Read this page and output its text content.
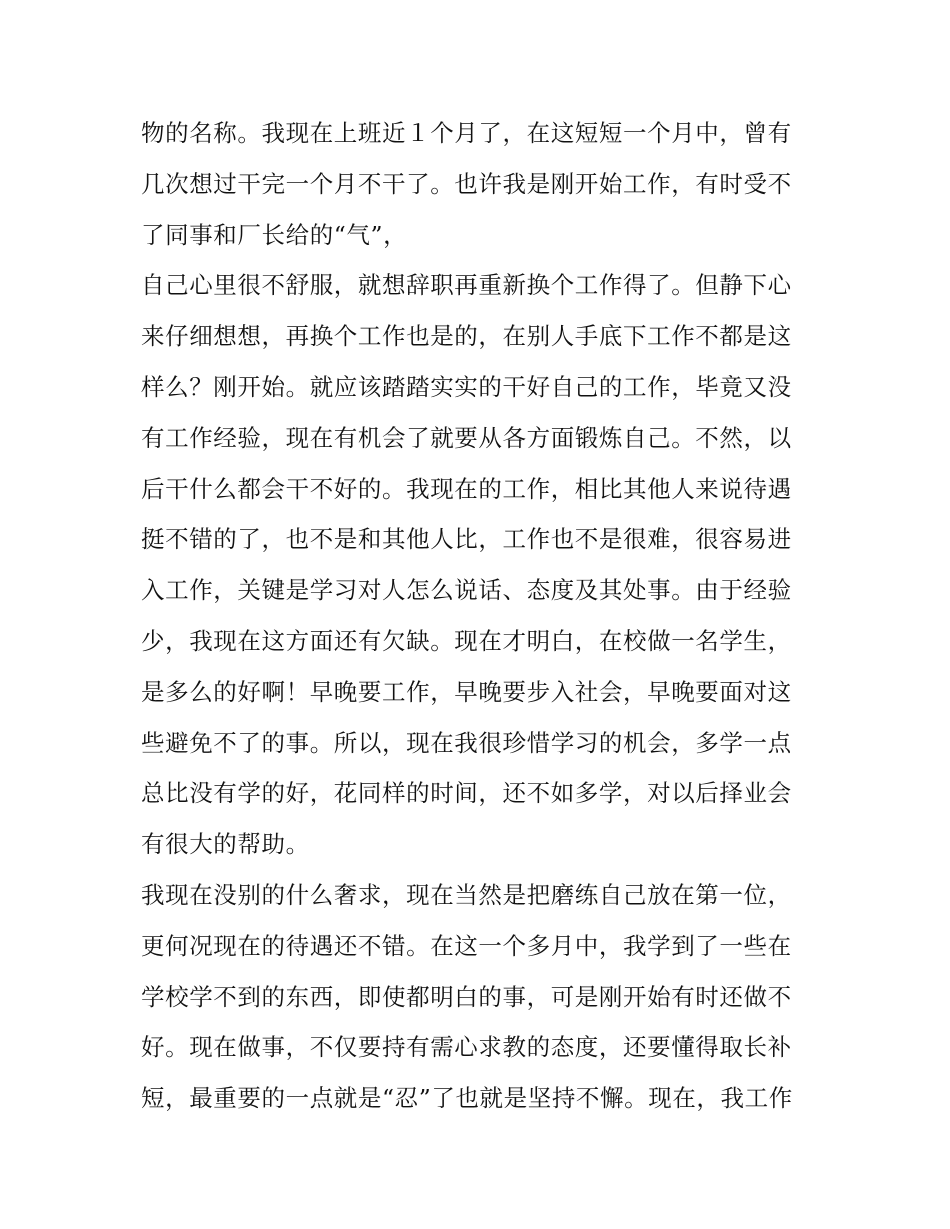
物的名称。我现在上班近１个月了，在这短短一个月中，曾有
几次想过干完一个月不干了。也许我是刚开始工作，有时受不
了同事和厂长给的“气”，
自己心里很不舒服，就想辞职再重新换个工作得了。但静下心
来仔细想想，再换个工作也是的，在别人手底下工作不都是这
样么？刚开始。就应该踏踏实实的干好自己的工作，毕竟又没
有工作经验，现在有机会了就要从各方面锻炼自己。不然，以
后干什么都会干不好的。我现在的工作，相比其他人来说待遇
挺不错的了，也不是和其他人比，工作也不是很难，很容易进
入工作，关键是学习对人怎么说话、态度及其处事。由于经验
少，我现在这方面还有欠缺。现在才明白，在校做一名学生，
是多么的好啊！早晚要工作，早晚要步入社会，早晚要面对这
些避免不了的事。所以，现在我很珍惜学习的机会，多学一点
总比没有学的好，花同样的时间，还不如多学，对以后择业会
有很大的帮助。
我现在没别的什么奢求，现在当然是把磨练自己放在第一位，
更何况现在的待遇还不错。在这一个多月中，我学到了一些在
学校学不到的东西，即使都明白的事，可是刚开始有时还做不
好。现在做事，不仅要持有需心求教的态度，还要懂得取长补
短，最重要的一点就是“忍”了也就是坚持不懈。现在，我工作
